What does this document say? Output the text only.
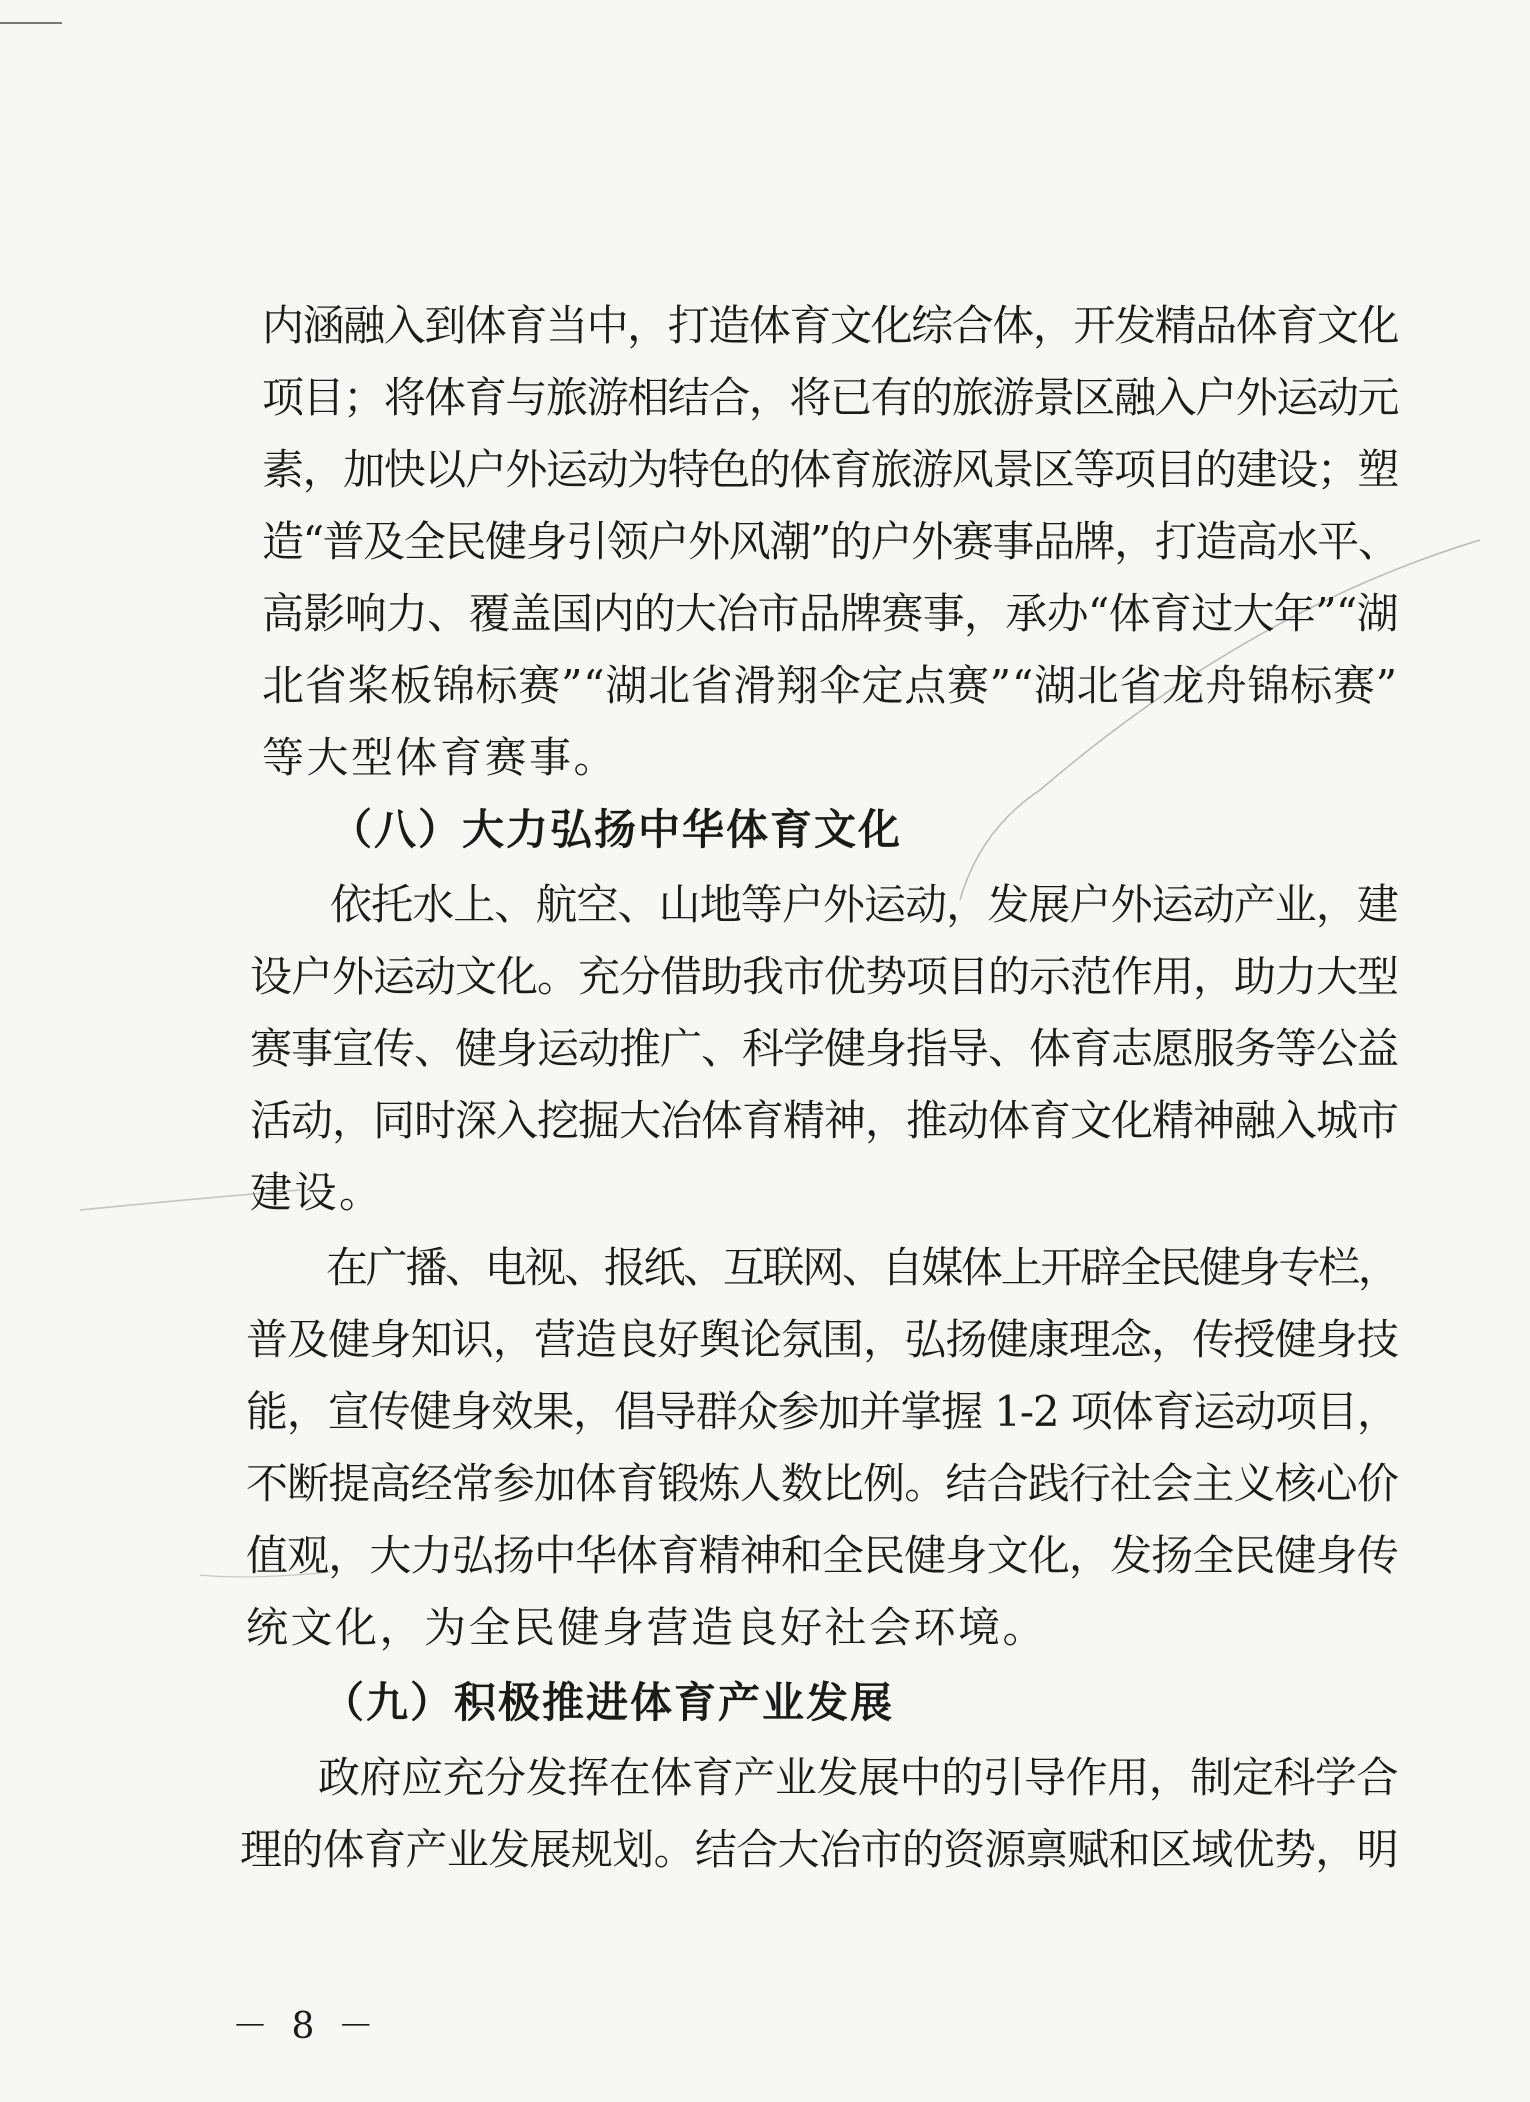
内涵融入到体育当中，打造体育文化综合体，开发精品体育文化
项目；将体育与旅游相结合，将已有的旅游景区融入户外运动元
素，加快以户外运动为特色的体育旅游风景区等项目的建设；塑
造“普及全民健身引领户外风潮”的户外赛事品牌，打造高水平、
高影响力、覆盖国内的大冶市品牌赛事，承办“体育过大年”“湖
北省桨板锦标赛”“湖北省滑翔伞定点赛”“湖北省龙舟锦标赛”
等大型体育赛事。
（八）大力弘扬中华体育文化
依托水上、航空、山地等户外运动，发展户外运动产业，建
设户外运动文化。充分借助我市优势项目的示范作用，助力大型
赛事宣传、健身运动推广、科学健身指导、体育志愿服务等公益
活动，同时深入挖掘大冶体育精神，推动体育文化精神融入城市
建设。
在广播、电视、报纸、互联网、自媒体上开辟全民健身专栏，
普及健身知识，营造良好舆论氛围，弘扬健康理念，传授健身技
能，宣传健身效果，倡导群众参加并掌握 1-2 项体育运动项目，
不断提高经常参加体育锻炼人数比例。结合践行社会主义核心价
值观，大力弘扬中华体育精神和全民健身文化，发扬全民健身传
统文化，为全民健身营造良好社会环境。
（九）积极推进体育产业发展
政府应充分发挥在体育产业发展中的引导作用，制定科学合
理的体育产业发展规划。结合大冶市的资源禀赋和区域优势，明
－ 8 －
